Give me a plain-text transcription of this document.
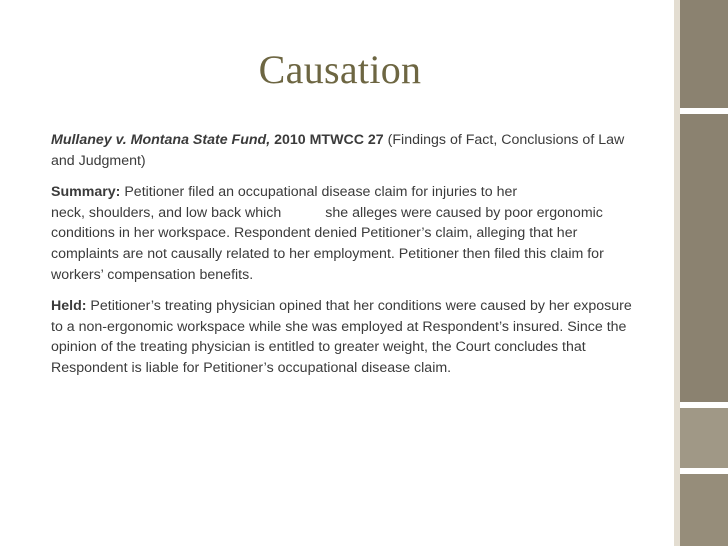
Causation

Mullaney v. Montana State Fund, 2010 MTWCC 27 (Findings of Fact, Conclusions of Law and Judgment)

Summary: Petitioner filed an occupational disease claim for injuries to her
neck, shoulders, and low back which	she alleges were caused by poor ergonomic conditions in her workspace. Respondent denied Petitioner’s claim, alleging that her complaints are not causally related to her employment. Petitioner then filed this claim for workers’ compensation benefits.

Held: Petitioner’s treating physician opined that her conditions were caused by her exposure to a non-ergonomic workspace while she was employed at Respondent’s insured. Since the opinion of the treating physician is entitled to greater weight, the Court concludes that Respondent is liable for Petitioner’s occupational disease claim.
